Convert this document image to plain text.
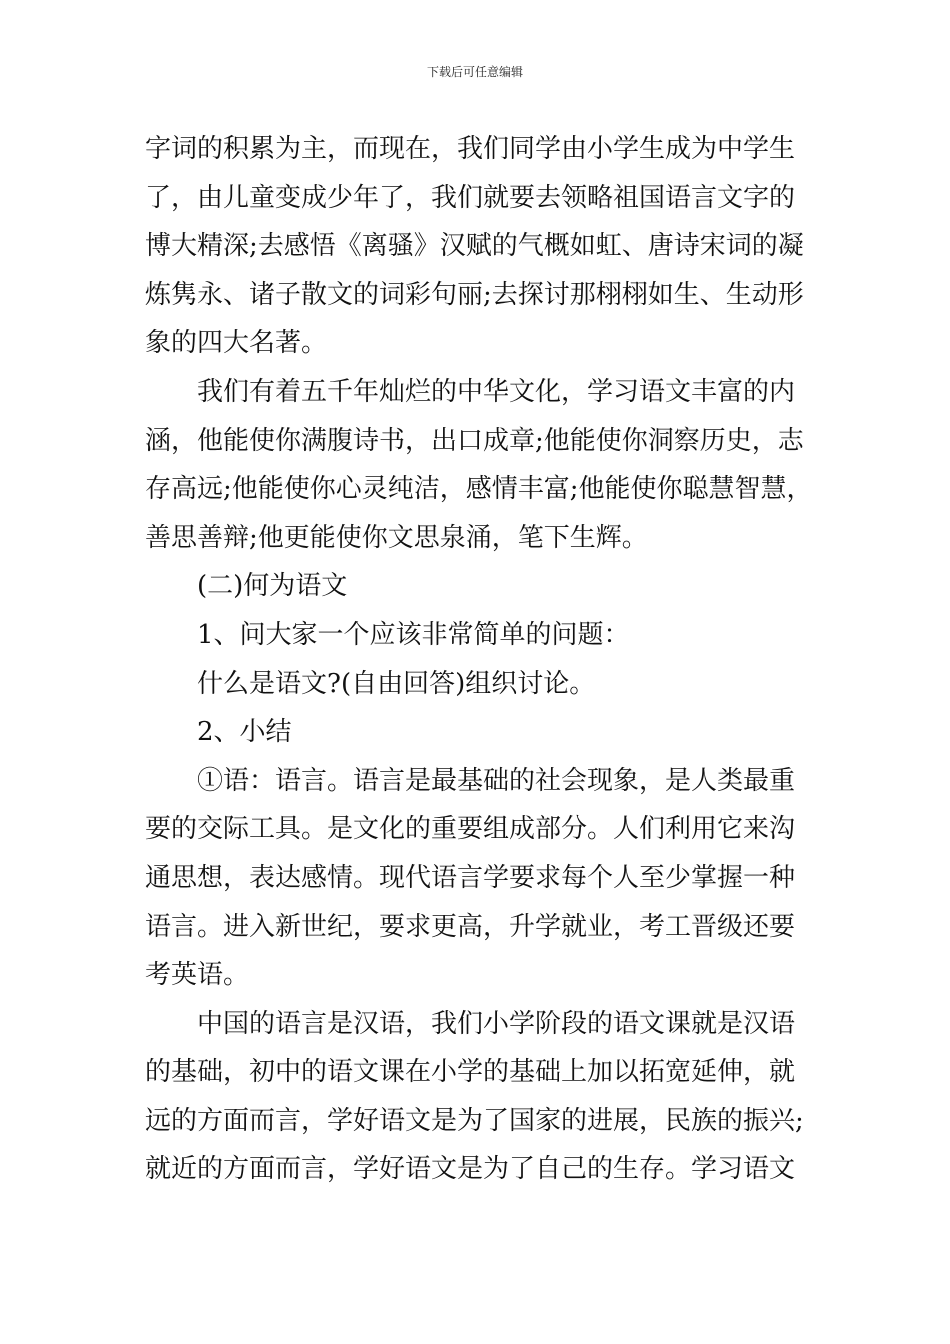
下载后可任意编辑
字词的积累为主，而现在，我们同学由小学生成为中学生
了，由儿童变成少年了，我们就要去领略祖国语言文字的
博大精深;去感悟《离骚》汉赋的气概如虹、唐诗宋词的凝
炼隽永、诸子散文的词彩句丽;去探讨那栩栩如生、生动形
象的四大名著。
我们有着五千年灿烂的中华文化，学习语文丰富的内
涵，他能使你满腹诗书，出口成章;他能使你洞察历史，志
存高远;他能使你心灵纯洁，感情丰富;他能使你聪慧智慧，
善思善辩;他更能使你文思泉涌，笔下生辉。
(二)何为语文
1、问大家一个应该非常简单的问题：
什么是语文?(自由回答)组织讨论。
2、小结
①语：语言。语言是最基础的社会现象，是人类最重
要的交际工具。是文化的重要组成部分。人们利用它来沟
通思想，表达感情。现代语言学要求每个人至少掌握一种
语言。进入新世纪，要求更高，升学就业，考工晋级还要
考英语。
中国的语言是汉语，我们小学阶段的语文课就是汉语
的基础，初中的语文课在小学的基础上加以拓宽延伸，就
远的方面而言，学好语文是为了国家的进展，民族的振兴;
就近的方面而言，学好语文是为了自己的生存。学习语文
